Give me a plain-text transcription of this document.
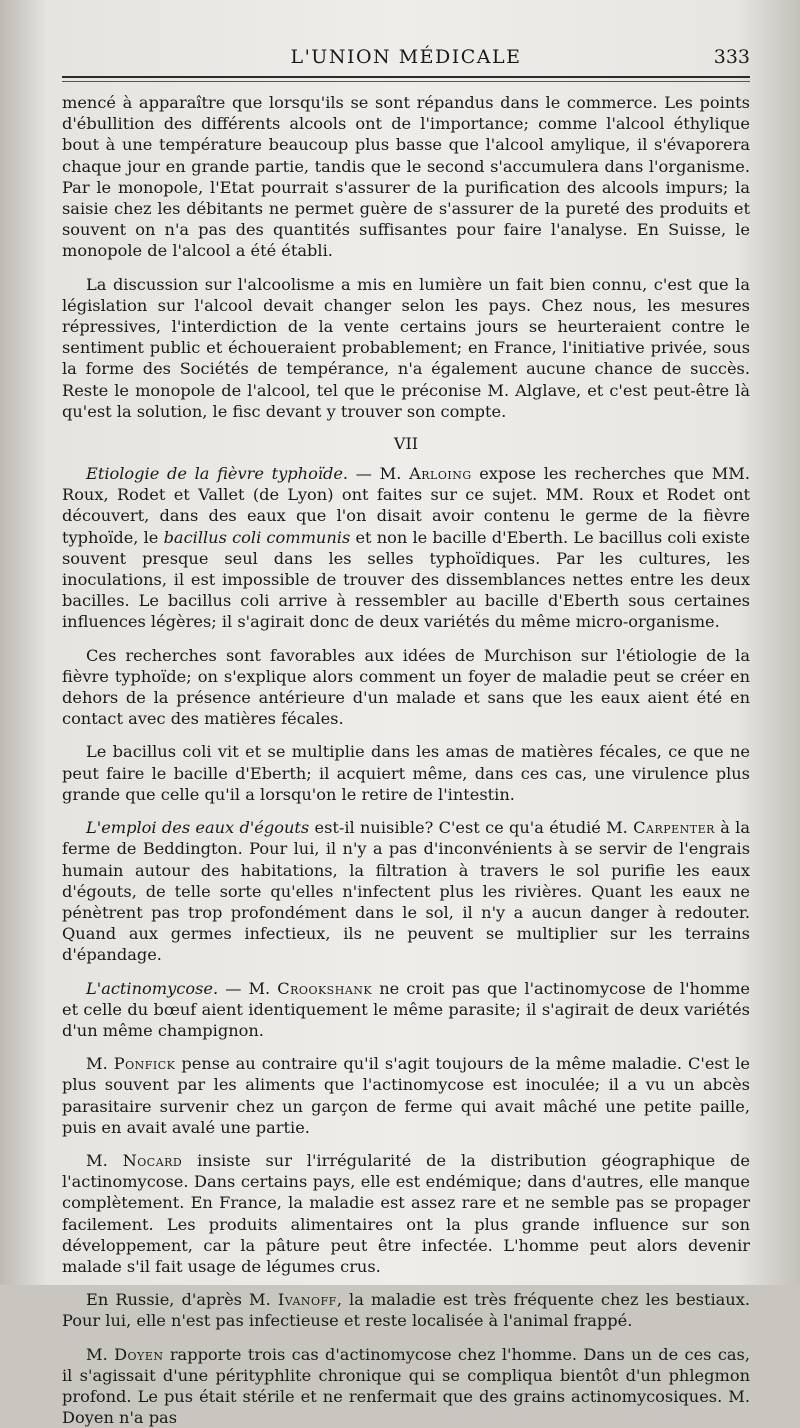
L'UNION MÉDICALE	333

mencé à apparaître que lorsqu'ils se sont répandus dans le commerce. Les points d'ébullition des différents alcools ont de l'importance; comme l'alcool éthylique bout à une température beaucoup plus basse que l'alcool amylique, il s'évaporera chaque jour en grande partie, tandis que le second s'accumulera dans l'organisme. Par le monopole, l'Etat pourrait s'assurer de la purification des alcools impurs; la saisie chez les débitants ne permet guère de s'assurer de la pureté des produits et souvent on n'a pas des quantités suffisantes pour faire l'analyse. En Suisse, le monopole de l'alcool a été établi.

La discussion sur l'alcoolisme a mis en lumière un fait bien connu, c'est que la législation sur l'alcool devait changer selon les pays. Chez nous, les mesures répressives, l'interdiction de la vente certains jours se heurteraient contre le sentiment public et échoueraient probablement; en France, l'initiative privée, sous la forme des Sociétés de tempérance, n'a également aucune chance de succès. Reste le monopole de l'alcool, tel que le préconise M. Alglave, et c'est peut-être là qu'est la solution, le fisc devant y trouver son compte.

VII

Etiologie de la fièvre typhoïde. — M. Arloing expose les recherches que MM. Roux, Rodet et Vallet (de Lyon) ont faites sur ce sujet. MM. Roux et Rodet ont découvert, dans des eaux que l'on disait avoir contenu le germe de la fièvre typhoïde, le bacillus coli communis et non le bacille d'Eberth. Le bacillus coli existe souvent presque seul dans les selles typhoïdiques. Par les cultures, les inoculations, il est impossible de trouver des dissemblances nettes entre les deux bacilles. Le bacillus coli arrive à ressembler au bacille d'Eberth sous certaines influences légères; il s'agirait donc de deux variétés du même micro-organisme.

Ces recherches sont favorables aux idées de Murchison sur l'étiologie de la fièvre typhoïde; on s'explique alors comment un foyer de maladie peut se créer en dehors de la présence antérieure d'un malade et sans que les eaux aient été en contact avec des matières fécales.

Le bacillus coli vit et se multiplie dans les amas de matières fécales, ce que ne peut faire le bacille d'Eberth; il acquiert même, dans ces cas, une virulence plus grande que celle qu'il a lorsqu'on le retire de l'intestin.

L'emploi des eaux d'égouts est-il nuisible? C'est ce qu'a étudié M. Carpenter à la ferme de Beddington. Pour lui, il n'y a pas d'inconvénients à se servir de l'engrais humain autour des habitations, la filtration à travers le sol purifie les eaux d'égouts, de telle sorte qu'elles n'infectent plus les rivières. Quant les eaux ne pénètrent pas trop profondément dans le sol, il n'y a aucun danger à redouter. Quand aux germes infectieux, ils ne peuvent se multiplier sur les terrains d'épandage.

L'actinomycose. — M. Crookshank ne croit pas que l'actinomycose de l'homme et celle du bœuf aient identiquement le même parasite; il s'agirait de deux variétés d'un même champignon.

M. Ponfick pense au contraire qu'il s'agit toujours de la même maladie. C'est le plus souvent par les aliments que l'actinomycose est inoculée; il a vu un abcès parasitaire survenir chez un garçon de ferme qui avait mâché une petite paille, puis en avait avalé une partie.

M. Nocard insiste sur l'irrégularité de la distribution géographique de l'actinomycose. Dans certains pays, elle est endémique; dans d'autres, elle manque complètement. En France, la maladie est assez rare et ne semble pas se propager facilement. Les produits alimentaires ont la plus grande influence sur son développement, car la pâture peut être infectée. L'homme peut alors devenir malade s'il fait usage de légumes crus.

En Russie, d'après M. Ivanoff, la maladie est très fréquente chez les bestiaux. Pour lui, elle n'est pas infectieuse et reste localisée à l'animal frappé.

M. Doyen rapporte trois cas d'actinomycose chez l'homme. Dans un de ces cas, il s'agissait d'une pérityphlite chronique qui se compliqua bientôt d'un phlegmon profond. Le pus était stérile et ne renfermait que des grains actinomycosiques. M. Doyen n'a pas
